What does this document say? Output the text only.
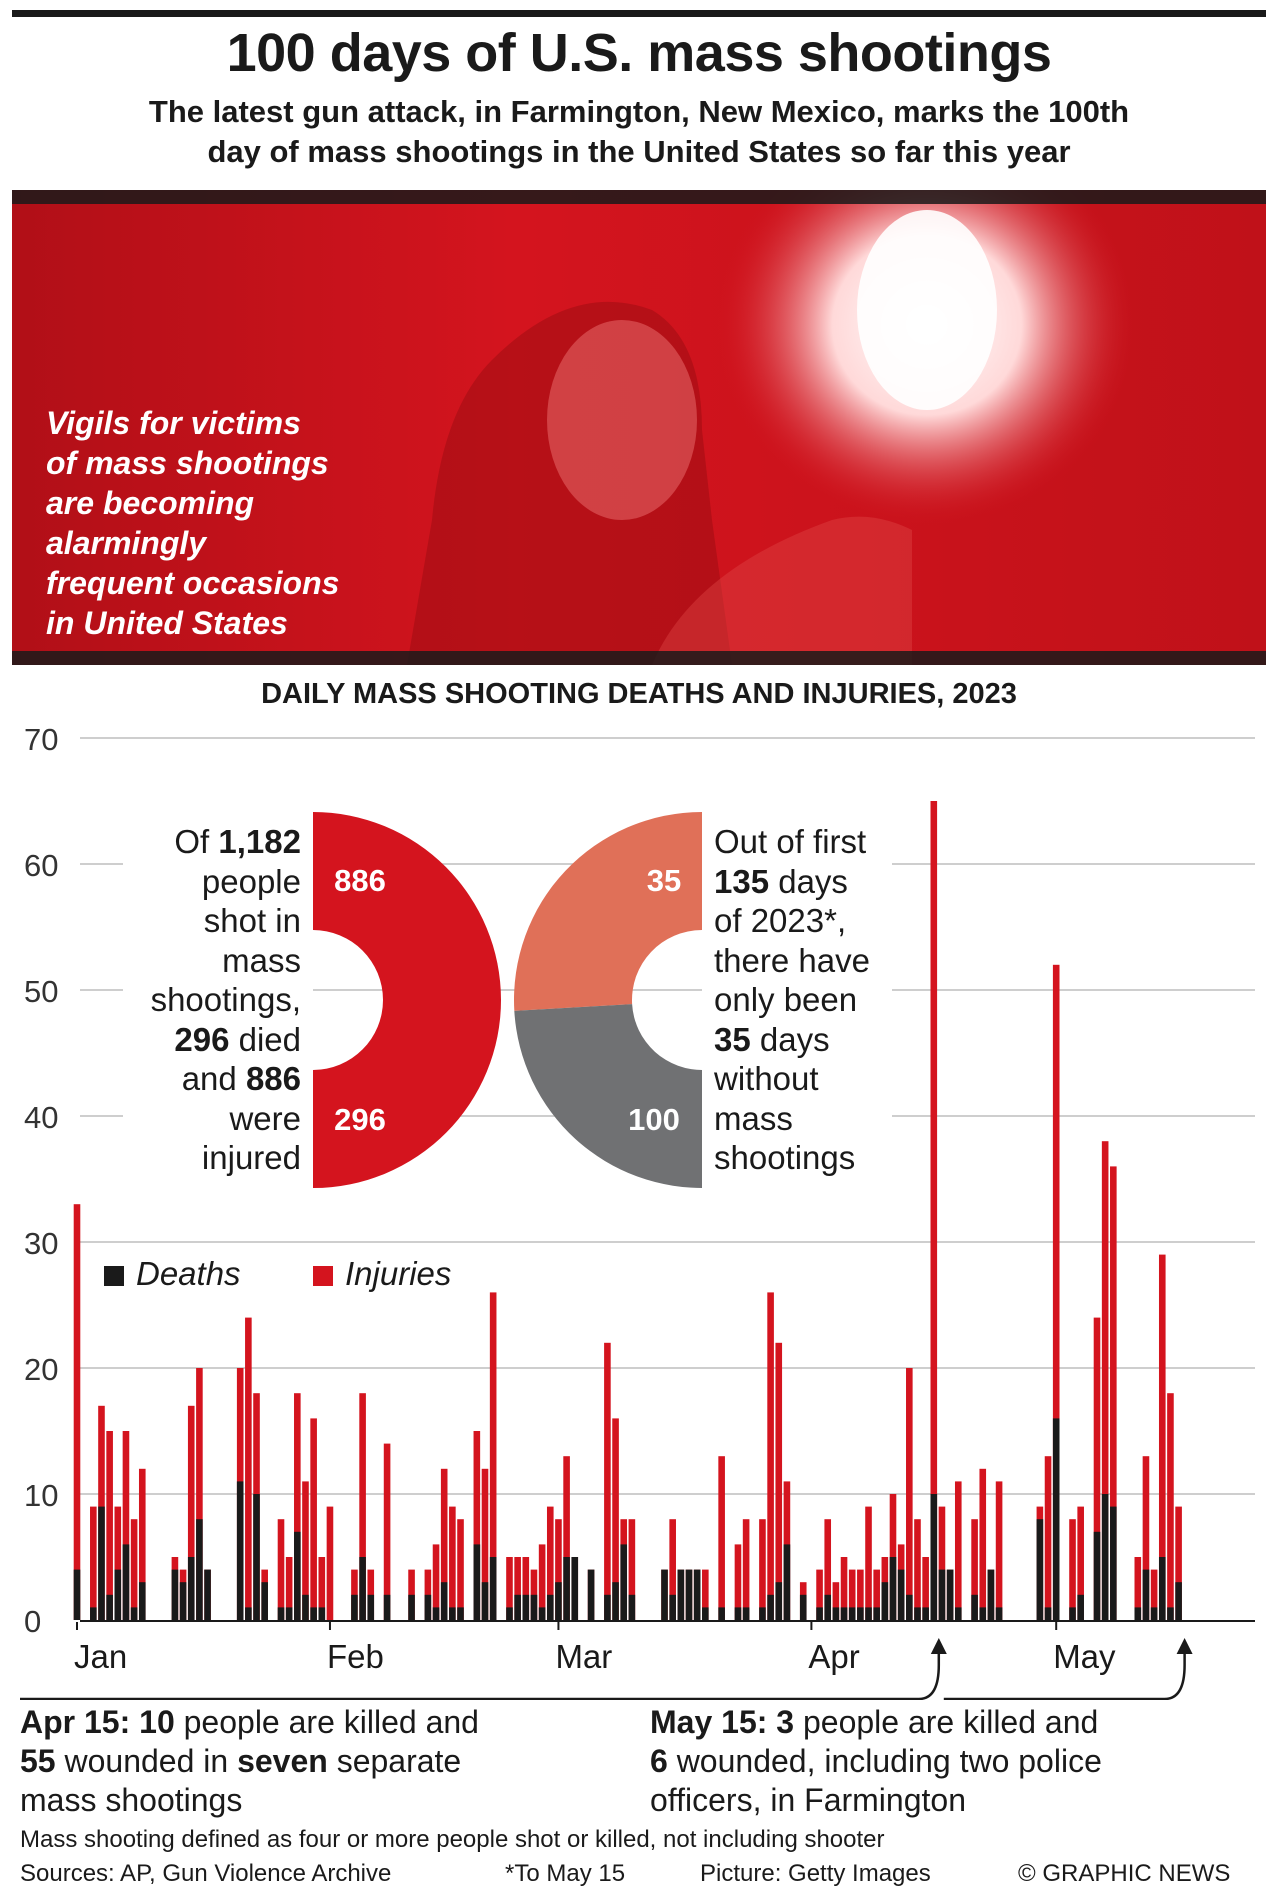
100 days of U.S. mass shootings
The latest gun attack, in Farmington, New Mexico, marks the 100th
day of mass shootings in the United States so far this year
Vigils for victims
of mass shootings
are becoming
alarmingly
frequent occasions
in United States
DAILY MASS SHOOTING DEATHS AND INJURIES, 2023
0
10
20
30
40
50
60
70
Jan	Feb	Mar	Apr	May
886
296
35
100
Deaths	Injuries
Of 1,182
people
shot in
mass
shootings,
296 died
and 886
were
injured
Out of first
135 days
of 2023*,
there have
only been
35 days
without
mass
shootings
Apr 15: 10 people are killed and
55 wounded in seven separate
mass shootings
May 15: 3 people are killed and
6 wounded, including two police
officers, in Farmington
Mass shooting defined as four or more people shot or killed, not including shooter
Sources: AP, Gun Violence Archive	*To May 15	Picture: Getty Images	© GRAPHIC NEWS
